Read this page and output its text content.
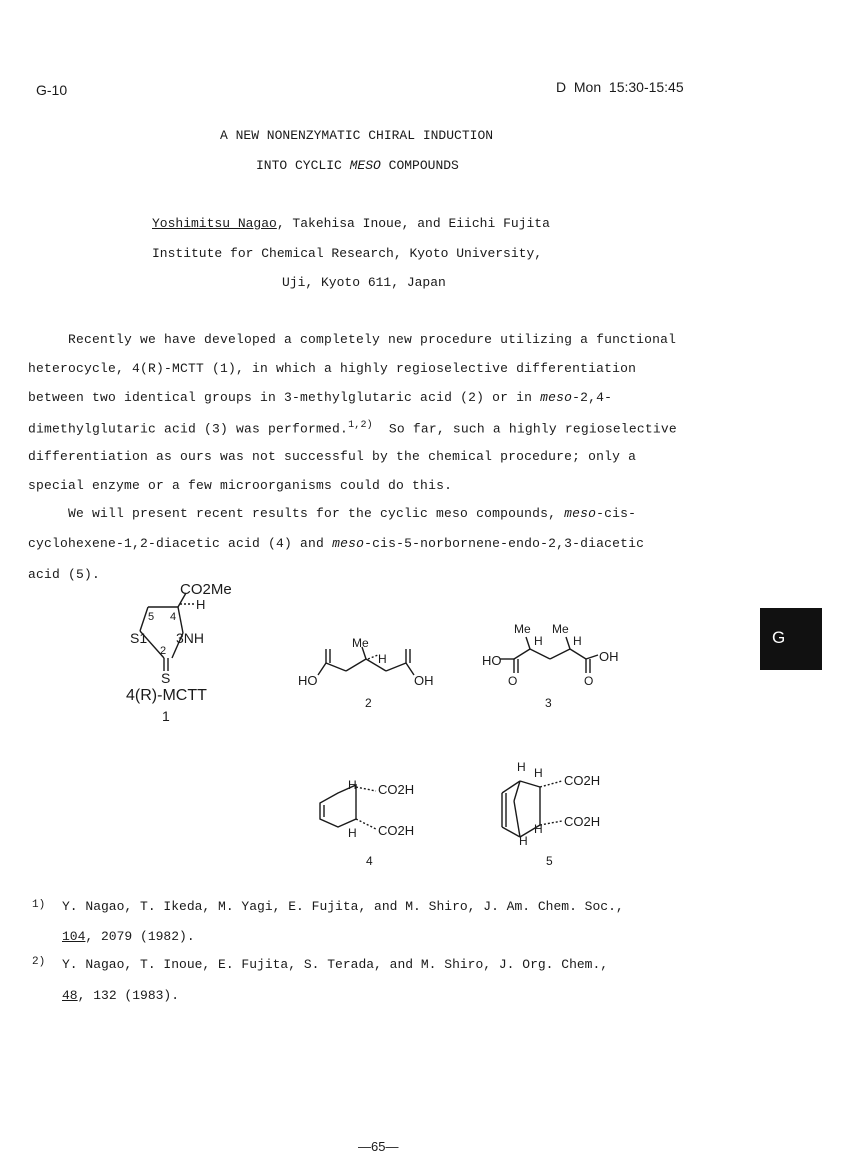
G-10	D  Mon  15:30-15:45
A NEW NONENZYMATIC CHIRAL INDUCTION
INTO CYCLIC MESO COMPOUNDS
Yoshimitsu Nagao, Takehisa Inoue, and Eiichi Fujita
Institute for Chemical Research, Kyoto University,
Uji, Kyoto 611, Japan
Recently we have developed a completely new procedure utilizing a functional
heterocycle, 4(R)-MCTT (1), in which a highly regioselective differentiation
between two identical groups in 3-methylglutaric acid (2) or in meso-2,4-
dimethylglutaric acid (3) was performed.$^{1,2)}$  So far, such a highly regioselective
differentiation as ours was not successful by the chemical procedure; only a
special enzyme or a few microorganisms could do this.
We will present recent results for the cyclic meso compounds, meso-cis-
cyclohexene-1,2-diacetic acid (4) and meso-cis-5-norbornene-endo-2,3-diacetic
acid (5).
CO2Me
H
5 4
S1 3NH
2
S
4(R)-MCTT
1
HO	OH
Me
H
2
Me Me
H	H
HO	OH
O	O
3
H
H
CO2H
CO2H
4
H H
H
H
CO2H
CO2H
5
G
1) Y. Nagao, T. Ikeda, M. Yagi, E. Fujita, and M. Shiro, J. Am. Chem. Soc.,
104, 2079 (1982).
2) Y. Nagao, T. Inoue, E. Fujita, S. Terada, and M. Shiro, J. Org. Chem.,
48, 132 (1983).
—65—
